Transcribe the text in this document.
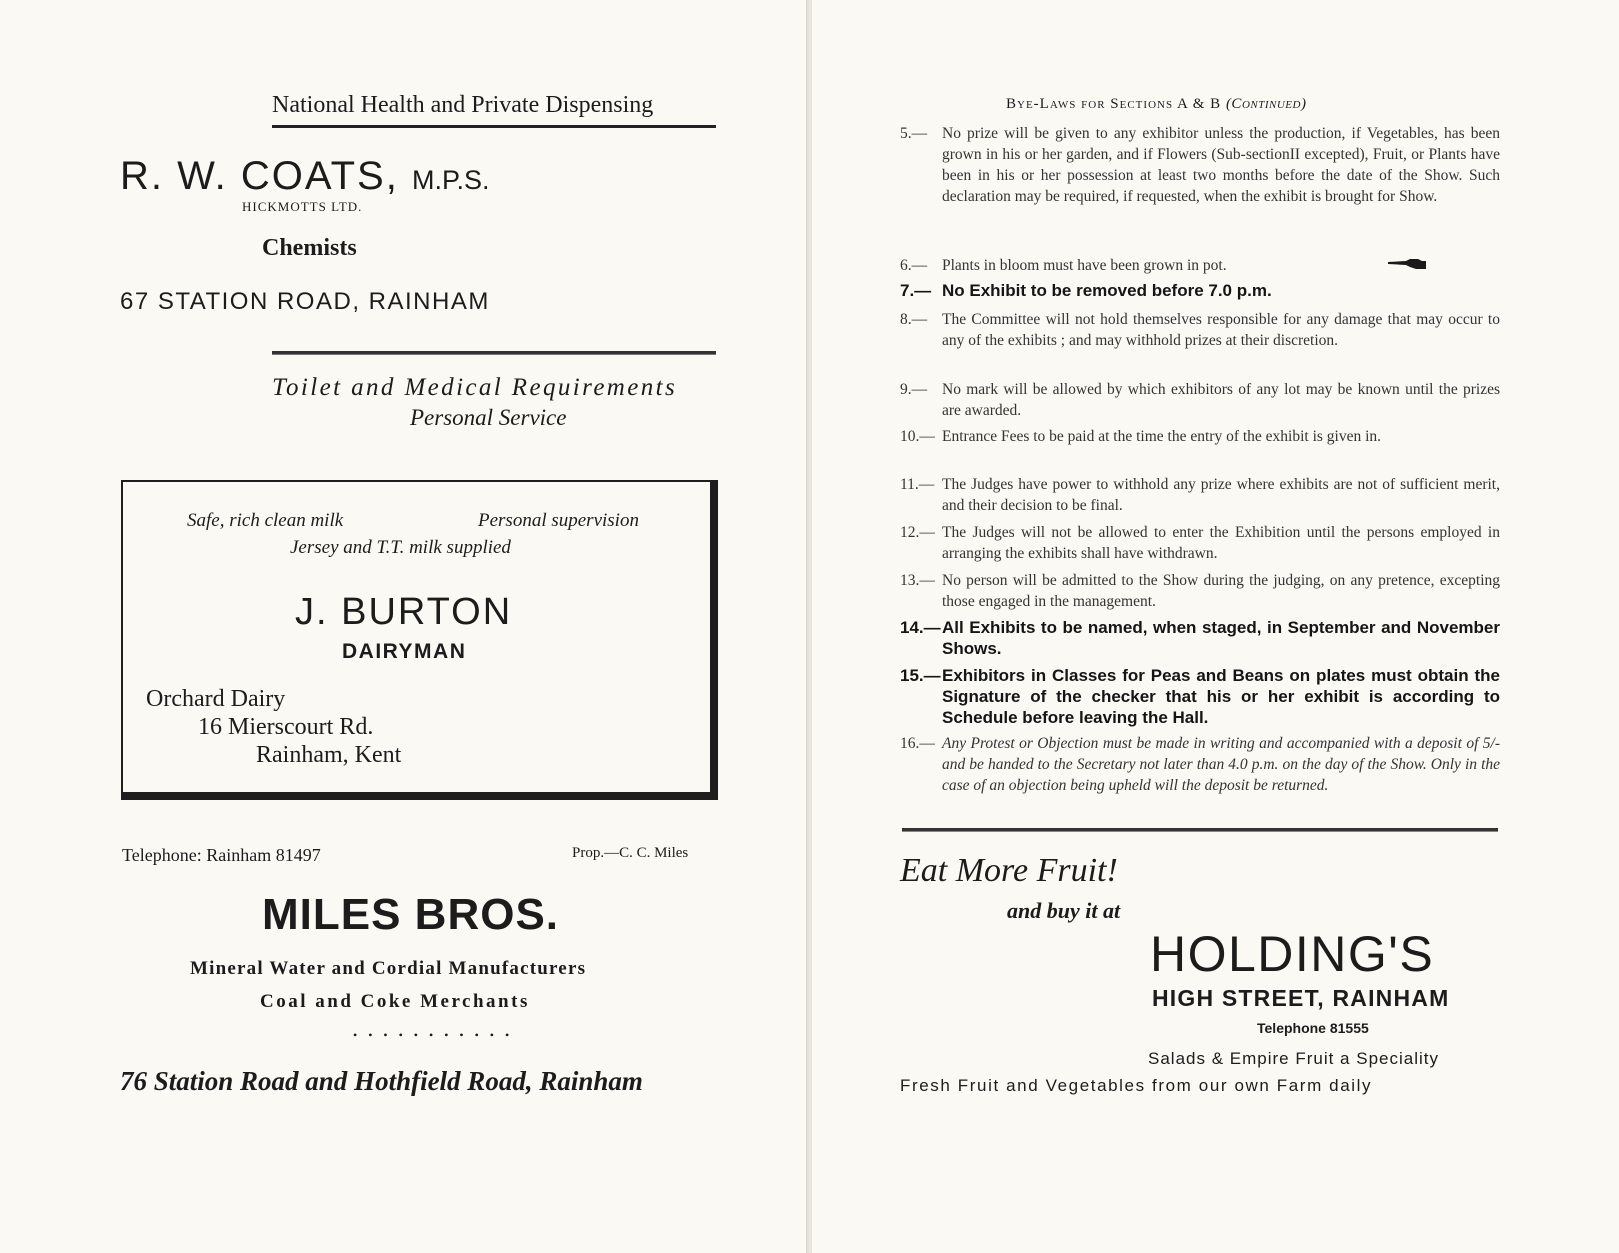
National Health and Private Dispensing
R. W. COATS, M.P.S.
HICKMOTTS LTD.
Chemists
67 STATION ROAD, RAINHAM
Toilet and Medical Requirements
Personal Service
Safe, rich clean milk	Personal supervision
Jersey and T.T. milk supplied
J. BURTON
DAIRYMAN
Orchard Dairy
16 Mierscourt Rd.
Rainham, Kent
Telephone: Rainham 81497	Prop.—C. C. Miles
MILES BROS.
Mineral Water and Cordial Manufacturers
Coal and Coke Merchants
• • • • • • • • • • •
76 Station Road and Hothfield Road, Rainham
Bye-Laws for Sections A & B (Continued)
5.— No prize will be given to any exhibitor unless the production, if Vegetables, has been grown in his or her garden, and if Flowers (Sub-sectionII excepted), Fruit, or Plants have been in his or her possession at least two months before the date of the Show. Such declaration may be required, if requested, when the exhibit is brought for Show.
6.— Plants in bloom must have been grown in pot.
7.— No Exhibit to be removed before 7.0 p.m.
8.— The Committee will not hold themselves responsible for any damage that may occur to any of the exhibits ; and may withhold prizes at their discretion.
9.— No mark will be allowed by which exhibitors of any lot may be known until the prizes are awarded.
10.— Entrance Fees to be paid at the time the entry of the exhibit is given in.
11.— The Judges have power to withhold any prize where exhibits are not of sufficient merit, and their decision to be final.
12.— The Judges will not be allowed to enter the Exhibition until the persons employed in arranging the exhibits shall have withdrawn.
13.— No person will be admitted to the Show during the judging, on any pretence, excepting those engaged in the management.
14.— All Exhibits to be named, when staged, in September and November Shows.
15.— Exhibitors in Classes for Peas and Beans on plates must obtain the Signature of the checker that his or her exhibit is according to Schedule before leaving the Hall.
16.— Any Protest or Objection must be made in writing and accompanied with a deposit of 5/- and be handed to the Secretary not later than 4.0 p.m. on the day of the Show. Only in the case of an objection being upheld will the deposit be returned.
Eat More Fruit!
and buy it at
HOLDING'S
HIGH STREET, RAINHAM
Telephone 81555
Salads & Empire Fruit a Speciality
Fresh Fruit and Vegetables from our own Farm daily
